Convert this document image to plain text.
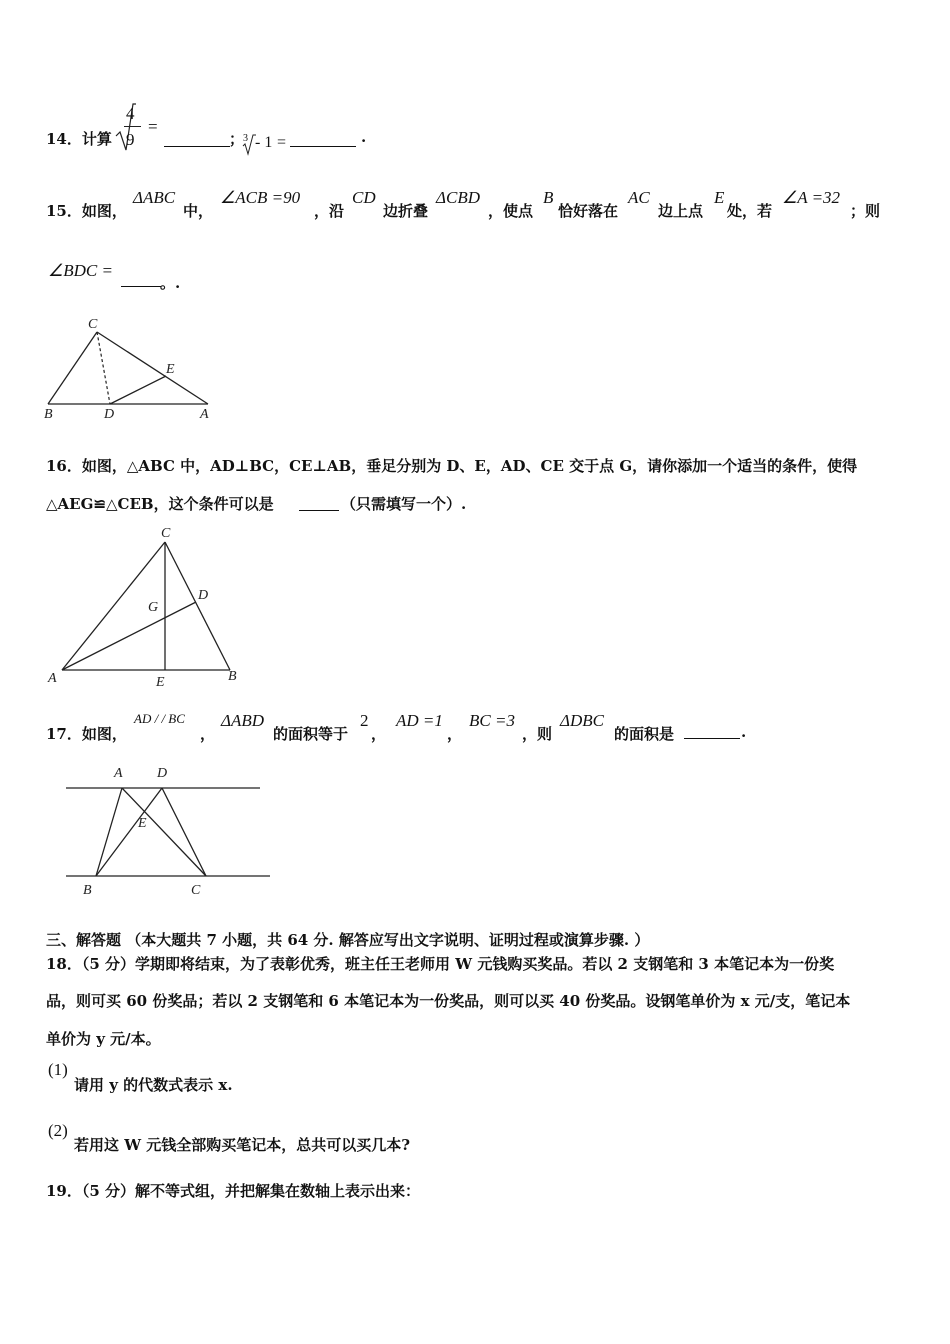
14．计算
4
9
=
；
3 - 1 =	.
15．如图，
ΔABC
中，
∠ACB =90
，沿
CD
边折叠
ΔCBD
，使点
B
恰好落在
AC
边上点
E
处，若
∠A =32
；则
∠BDC =
。.
C
E
B	D	A
16．如图，△ABC 中，AD⊥BC，CE⊥AB，垂足分别为 D、E，AD、CE 交于点 G，请你添加一个适当的条件，使得
△AEG≌△CEB，这个条件可以是	（只需填写一个）.
C
G
D
A	E	B
17．如图，
AD / / BC
，
ΔABD
的面积等于
2
，
AD =1
，
BC =3
，则
ΔDBC
的面积是	.
A D
E
B	C
三、解答题 （本大题共 7 小题，共 64 分. 解答应写出文字说明、证明过程或演算步骤. ）
18．（5 分）学期即将结束，为了表彰优秀，班主任王老师用 W 元钱购买奖品。若以 2 支钢笔和 3 本笔记本为一份奖
品，则可买 60 份奖品；若以 2 支钢笔和 6 本笔记本为一份奖品，则可以买 40 份奖品。设钢笔单价为 x 元/支，笔记本
单价为 y 元/本。
(1)
请用 y 的代数式表示 x.
(2)
若用这 W 元钱全部购买笔记本，总共可以买几本?
19．（5 分）解不等式组，并把解集在数轴上表示出来：
